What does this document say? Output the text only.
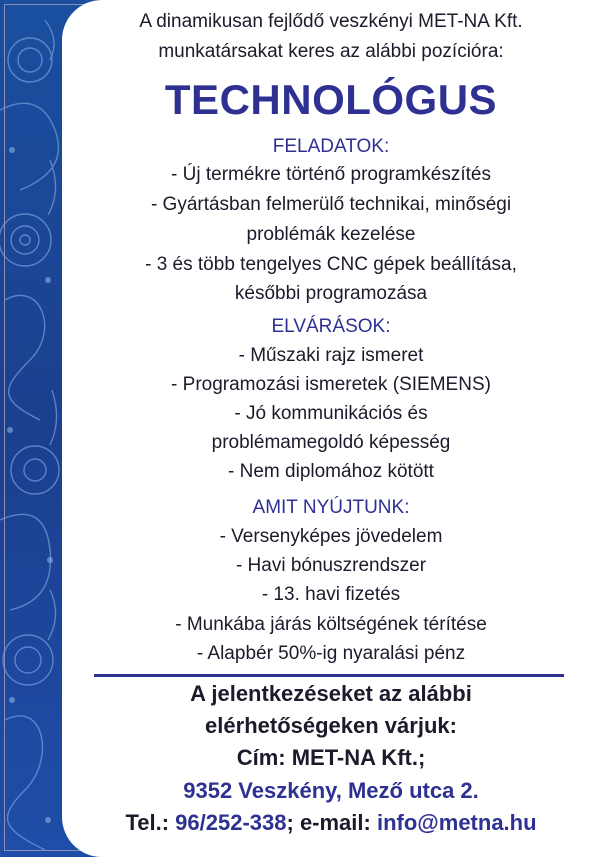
A dinamikusan fejlődő veszkényi MET-NA Kft.
munkatársakat keres az alábbi pozícióra:
TECHNOLÓGUS
FELADATOK:
- Új termékre történő programkészítés
- Gyártásban felmerülő technikai, minőségi
problémák kezelése
- 3 és több tengelyes CNC gépek beállítása,
későbbi programozása
ELVÁRÁSOK:
- Műszaki rajz ismeret
- Programozási ismeretek (SIEMENS)
- Jó kommunikációs és
problémamegoldó képesség
- Nem diplomához kötött
AMIT NYÚJTUNK:
- Versenyképes jövedelem
- Havi bónuszrendszer
- 13. havi fizetés
- Munkába járás költségének térítése
- Alapbér 50%-ig nyaralási pénz
A jelentkezéseket az alábbi
elérhetőségeken várjuk:
Cím: MET-NA Kft.;
9352 Veszkény, Mező utca 2.
Tel.: 96/252-338; e-mail: info@metna.hu
